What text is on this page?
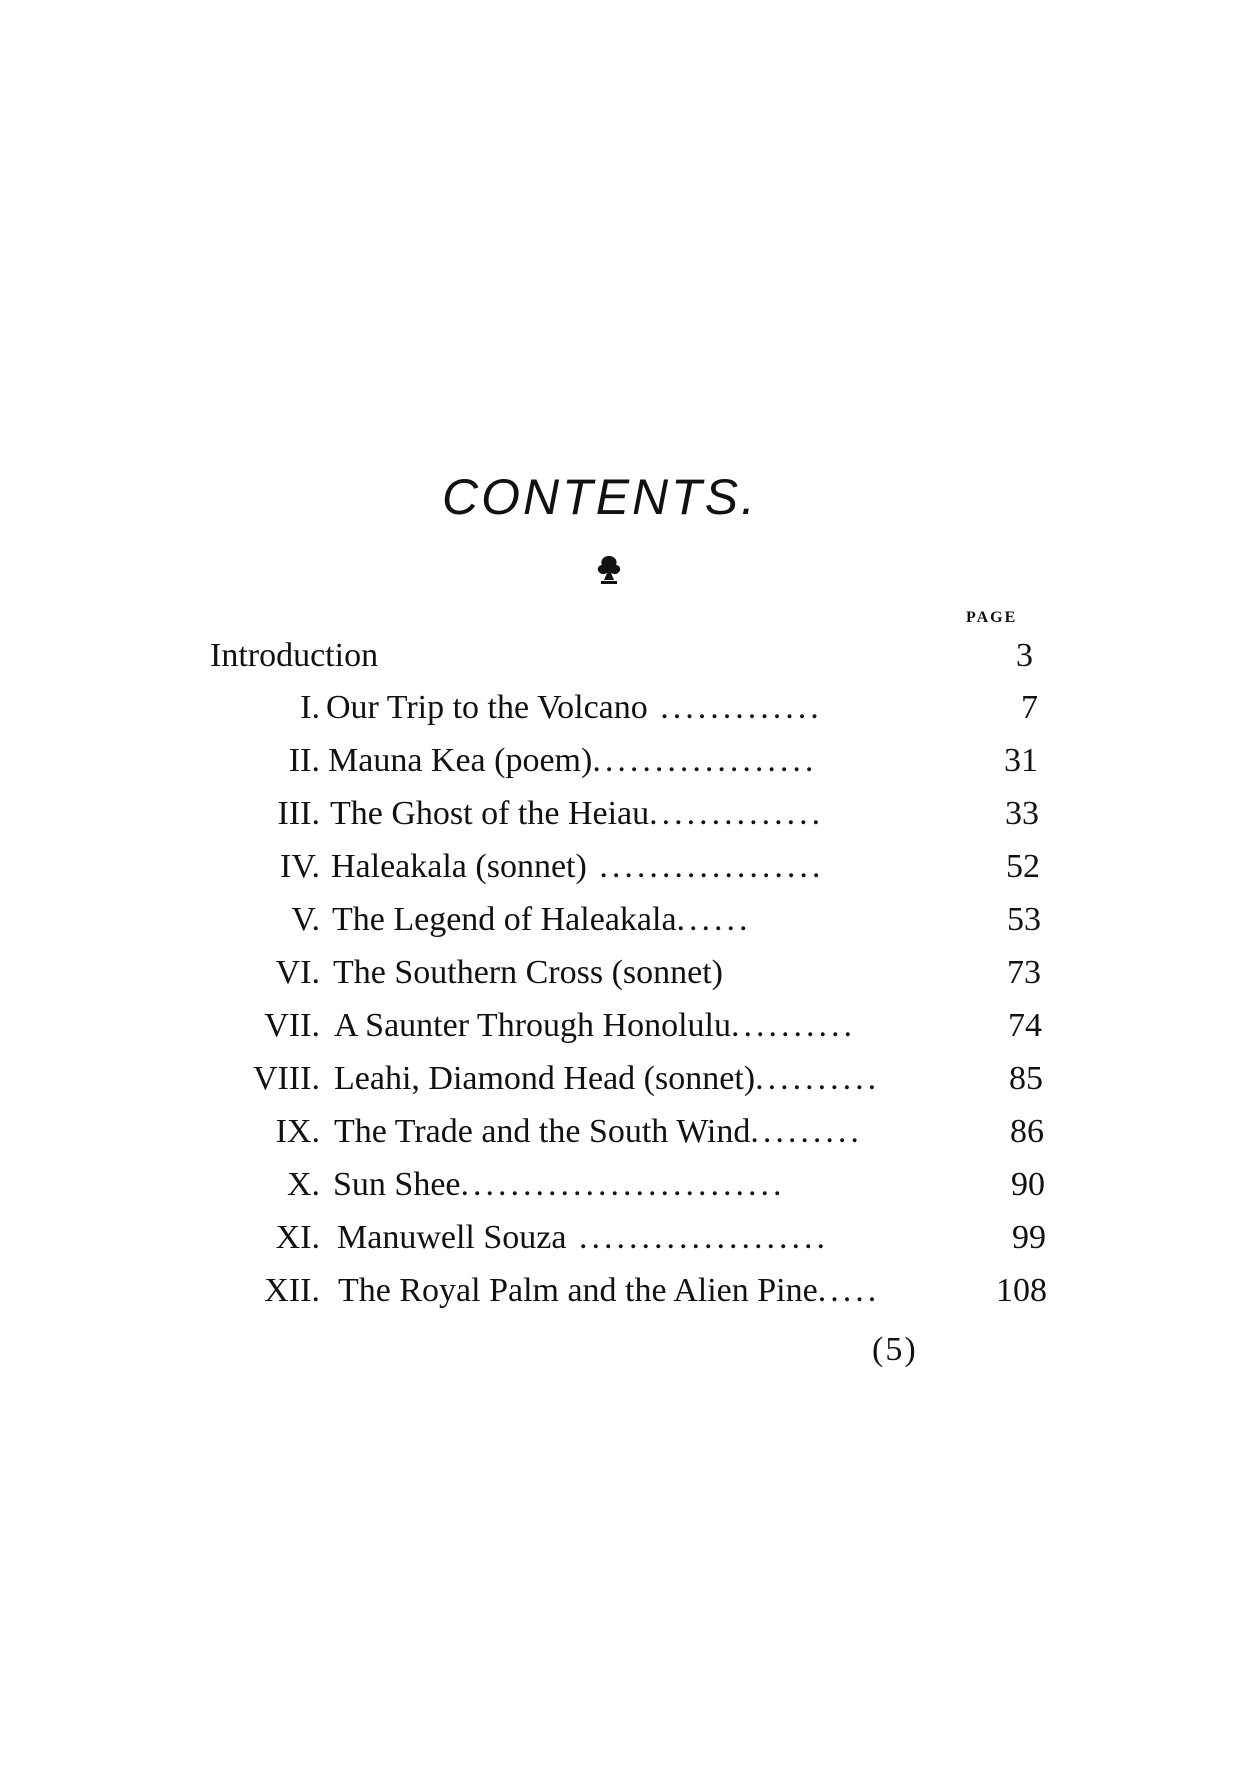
CONTENTS.
PAGE
Introduction	3
I. Our Trip to the Volcano .............	7
II. Mauna Kea (poem)..................	31
III. The Ghost of the Heiau..............	33
IV. Haleakala (sonnet) ..................	52
V. The Legend of Haleakala......	53
VI. The Southern Cross (sonnet)	73
VII. A Saunter Through Honolulu..........	74
VIII. Leahi, Diamond Head (sonnet)..........	85
IX. The Trade and the South Wind.........	86
X. Sun Shee..........................	90
XI. Manuwell Souza ....................	99
XII. The Royal Palm and the Alien Pine.....	108
(5)
